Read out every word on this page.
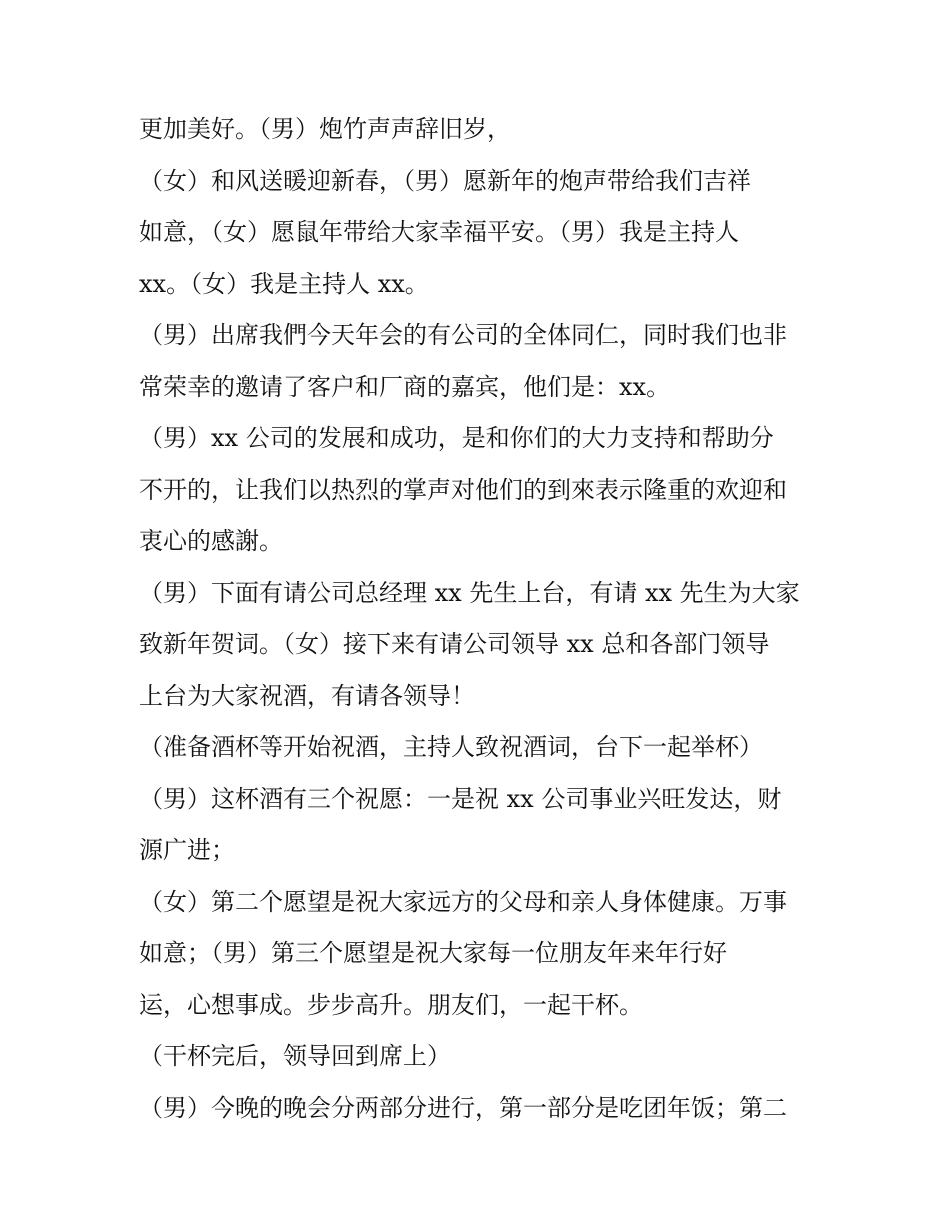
更加美好。（男）炮竹声声辞旧岁，
（女）和风送暖迎新春，（男）愿新年的炮声带给我们吉祥
如意，（女）愿鼠年带给大家幸福平安。（男）我是主持人
xx。（女）我是主持人 xx。
（男）出席我們今天年会的有公司的全体同仁，同时我们也非
常荣幸的邀请了客户和厂商的嘉宾，他们是：xx。
（男）xx 公司的发展和成功，是和你们的大力支持和帮助分
不开的，让我们以热烈的掌声对他们的到來表示隆重的欢迎和
衷心的感謝。
（男）下面有请公司总经理 xx 先生上台，有请 xx 先生为大家
致新年贺词。（女）接下来有请公司领导 xx 总和各部门领导
上台为大家祝酒，有请各领导！
（准备酒杯等开始祝酒，主持人致祝酒词，台下一起举杯）
（男）这杯酒有三个祝愿：一是祝 xx 公司事业兴旺发达，财
源广进；
（女）第二个愿望是祝大家远方的父母和亲人身体健康。万事
如意；（男）第三个愿望是祝大家每一位朋友年来年行好
运，心想事成。步步高升。朋友们，一起干杯。
（干杯完后，领导回到席上）
（男）今晚的晚会分两部分进行，第一部分是吃团年饭；第二
